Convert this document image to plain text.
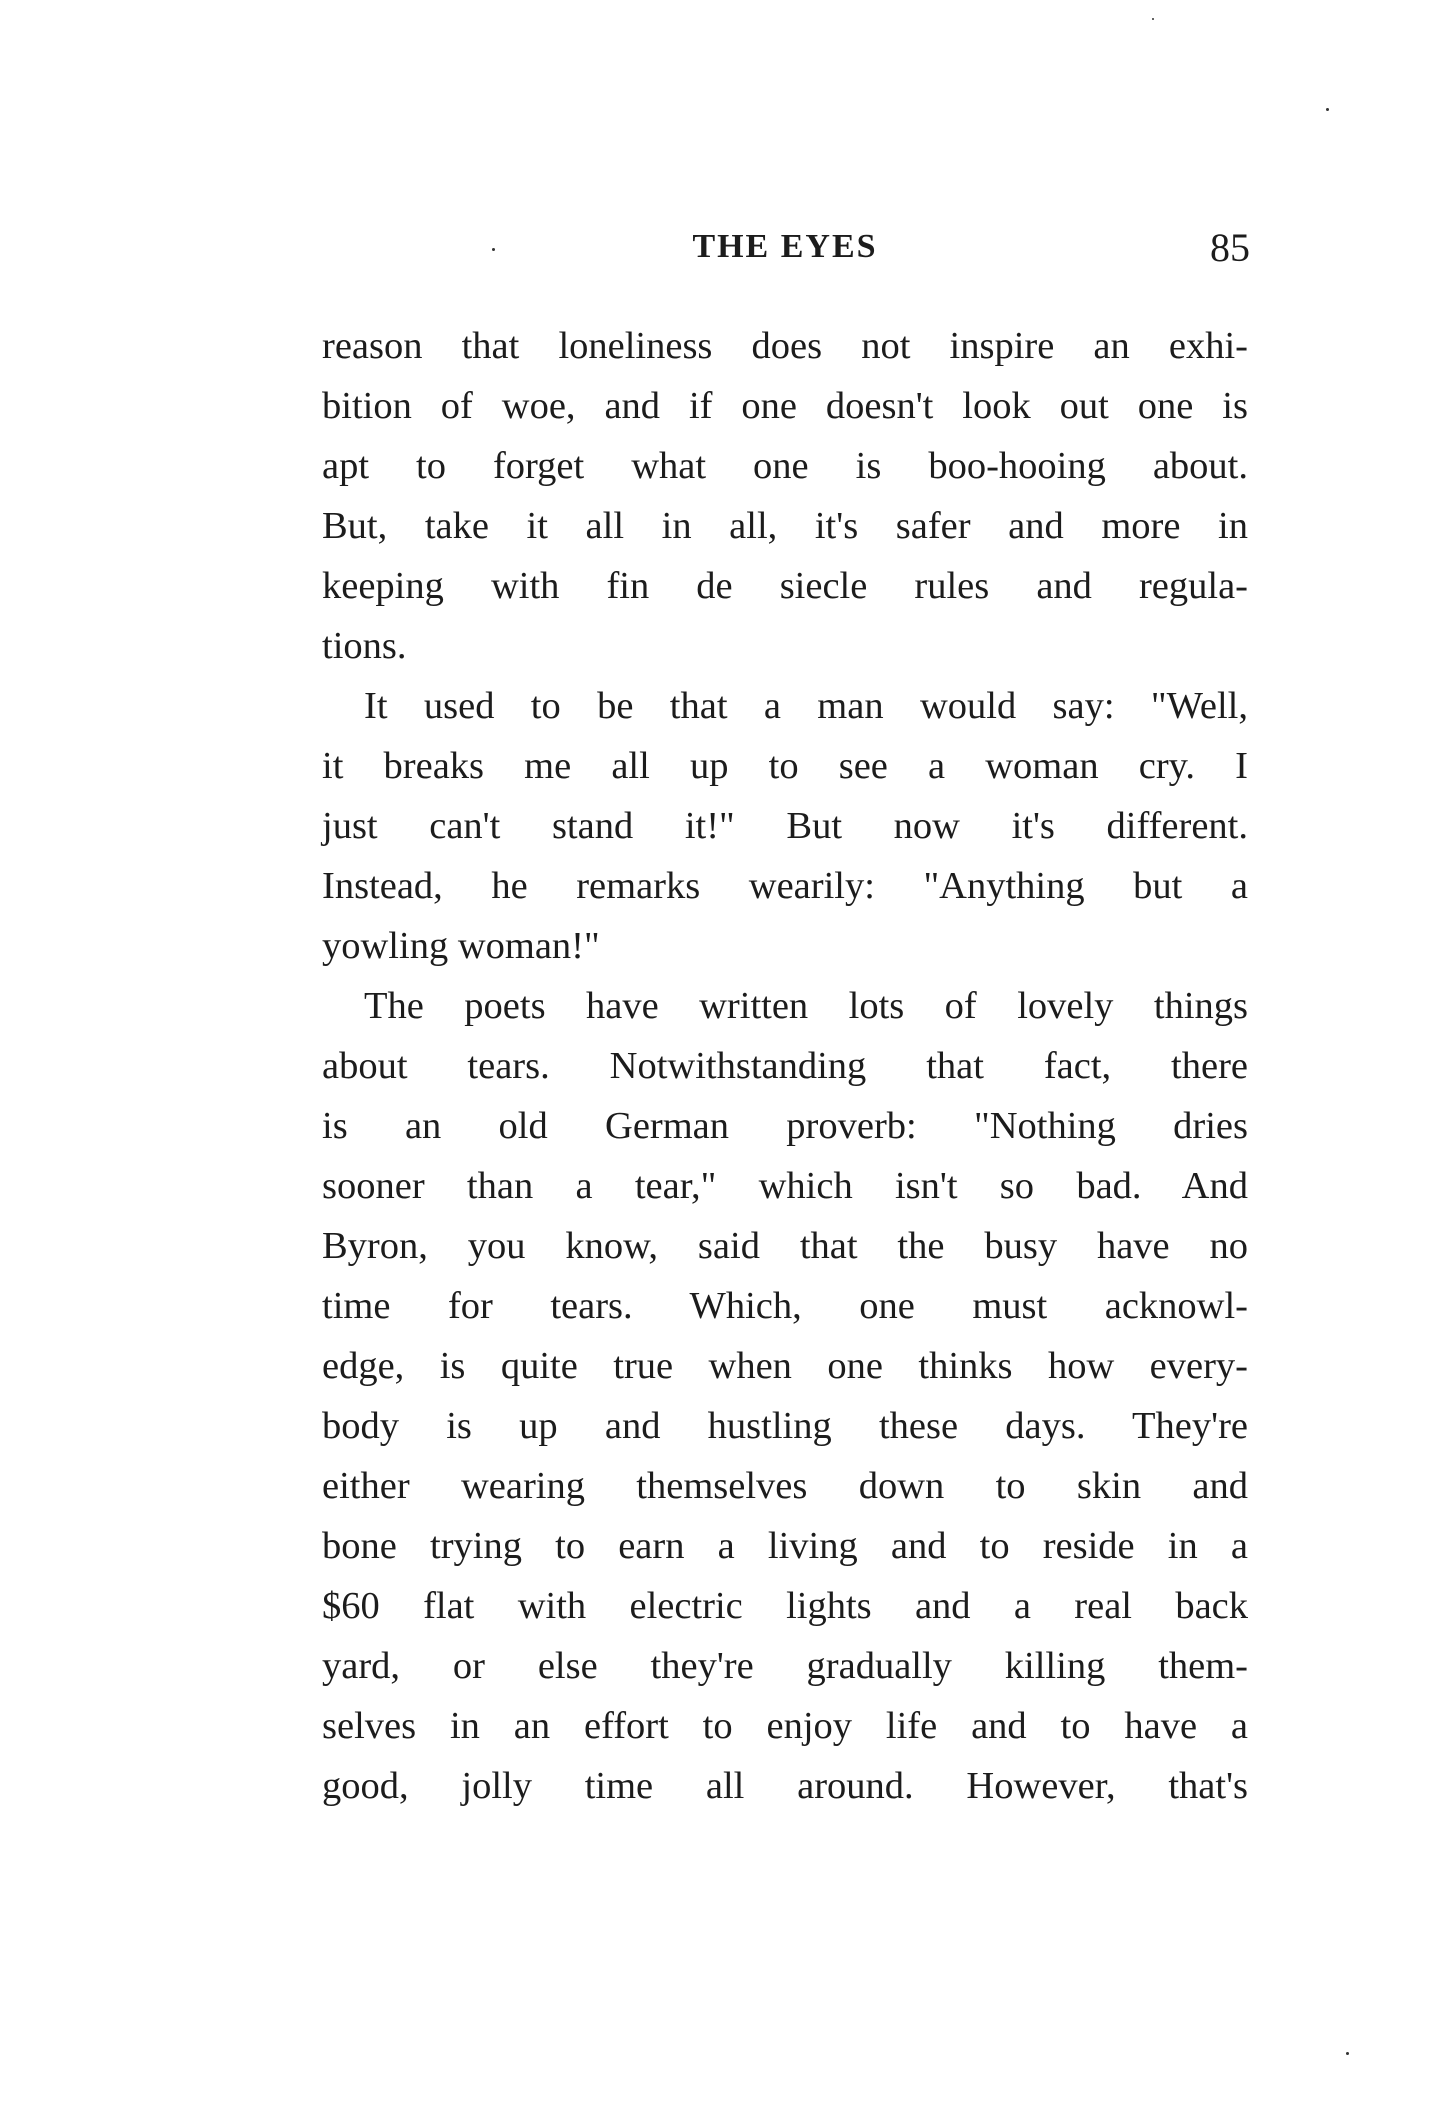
THE EYES	85
reason that loneliness does not inspire an exhi-
bition of woe, and if one doesn't look out one is
apt to forget what one is boo-hooing about.
But, take it all in all, it's safer and more in
keeping with fin de siecle rules and regula-
tions.
It used to be that a man would say: "Well,
it breaks me all up to see a woman cry. I
just can't stand it!" But now it's different.
Instead, he remarks wearily: "Anything but a
yowling woman!"
The poets have written lots of lovely things
about tears. Notwithstanding that fact, there
is an old German proverb: "Nothing dries
sooner than a tear," which isn't so bad. And
Byron, you know, said that the busy have no
time for tears. Which, one must acknowl-
edge, is quite true when one thinks how every-
body is up and hustling these days. They're
either wearing themselves down to skin and
bone trying to earn a living and to reside in a
$60 flat with electric lights and a real back
yard, or else they're gradually killing them-
selves in an effort to enjoy life and to have a
good, jolly time all around. However, that's
